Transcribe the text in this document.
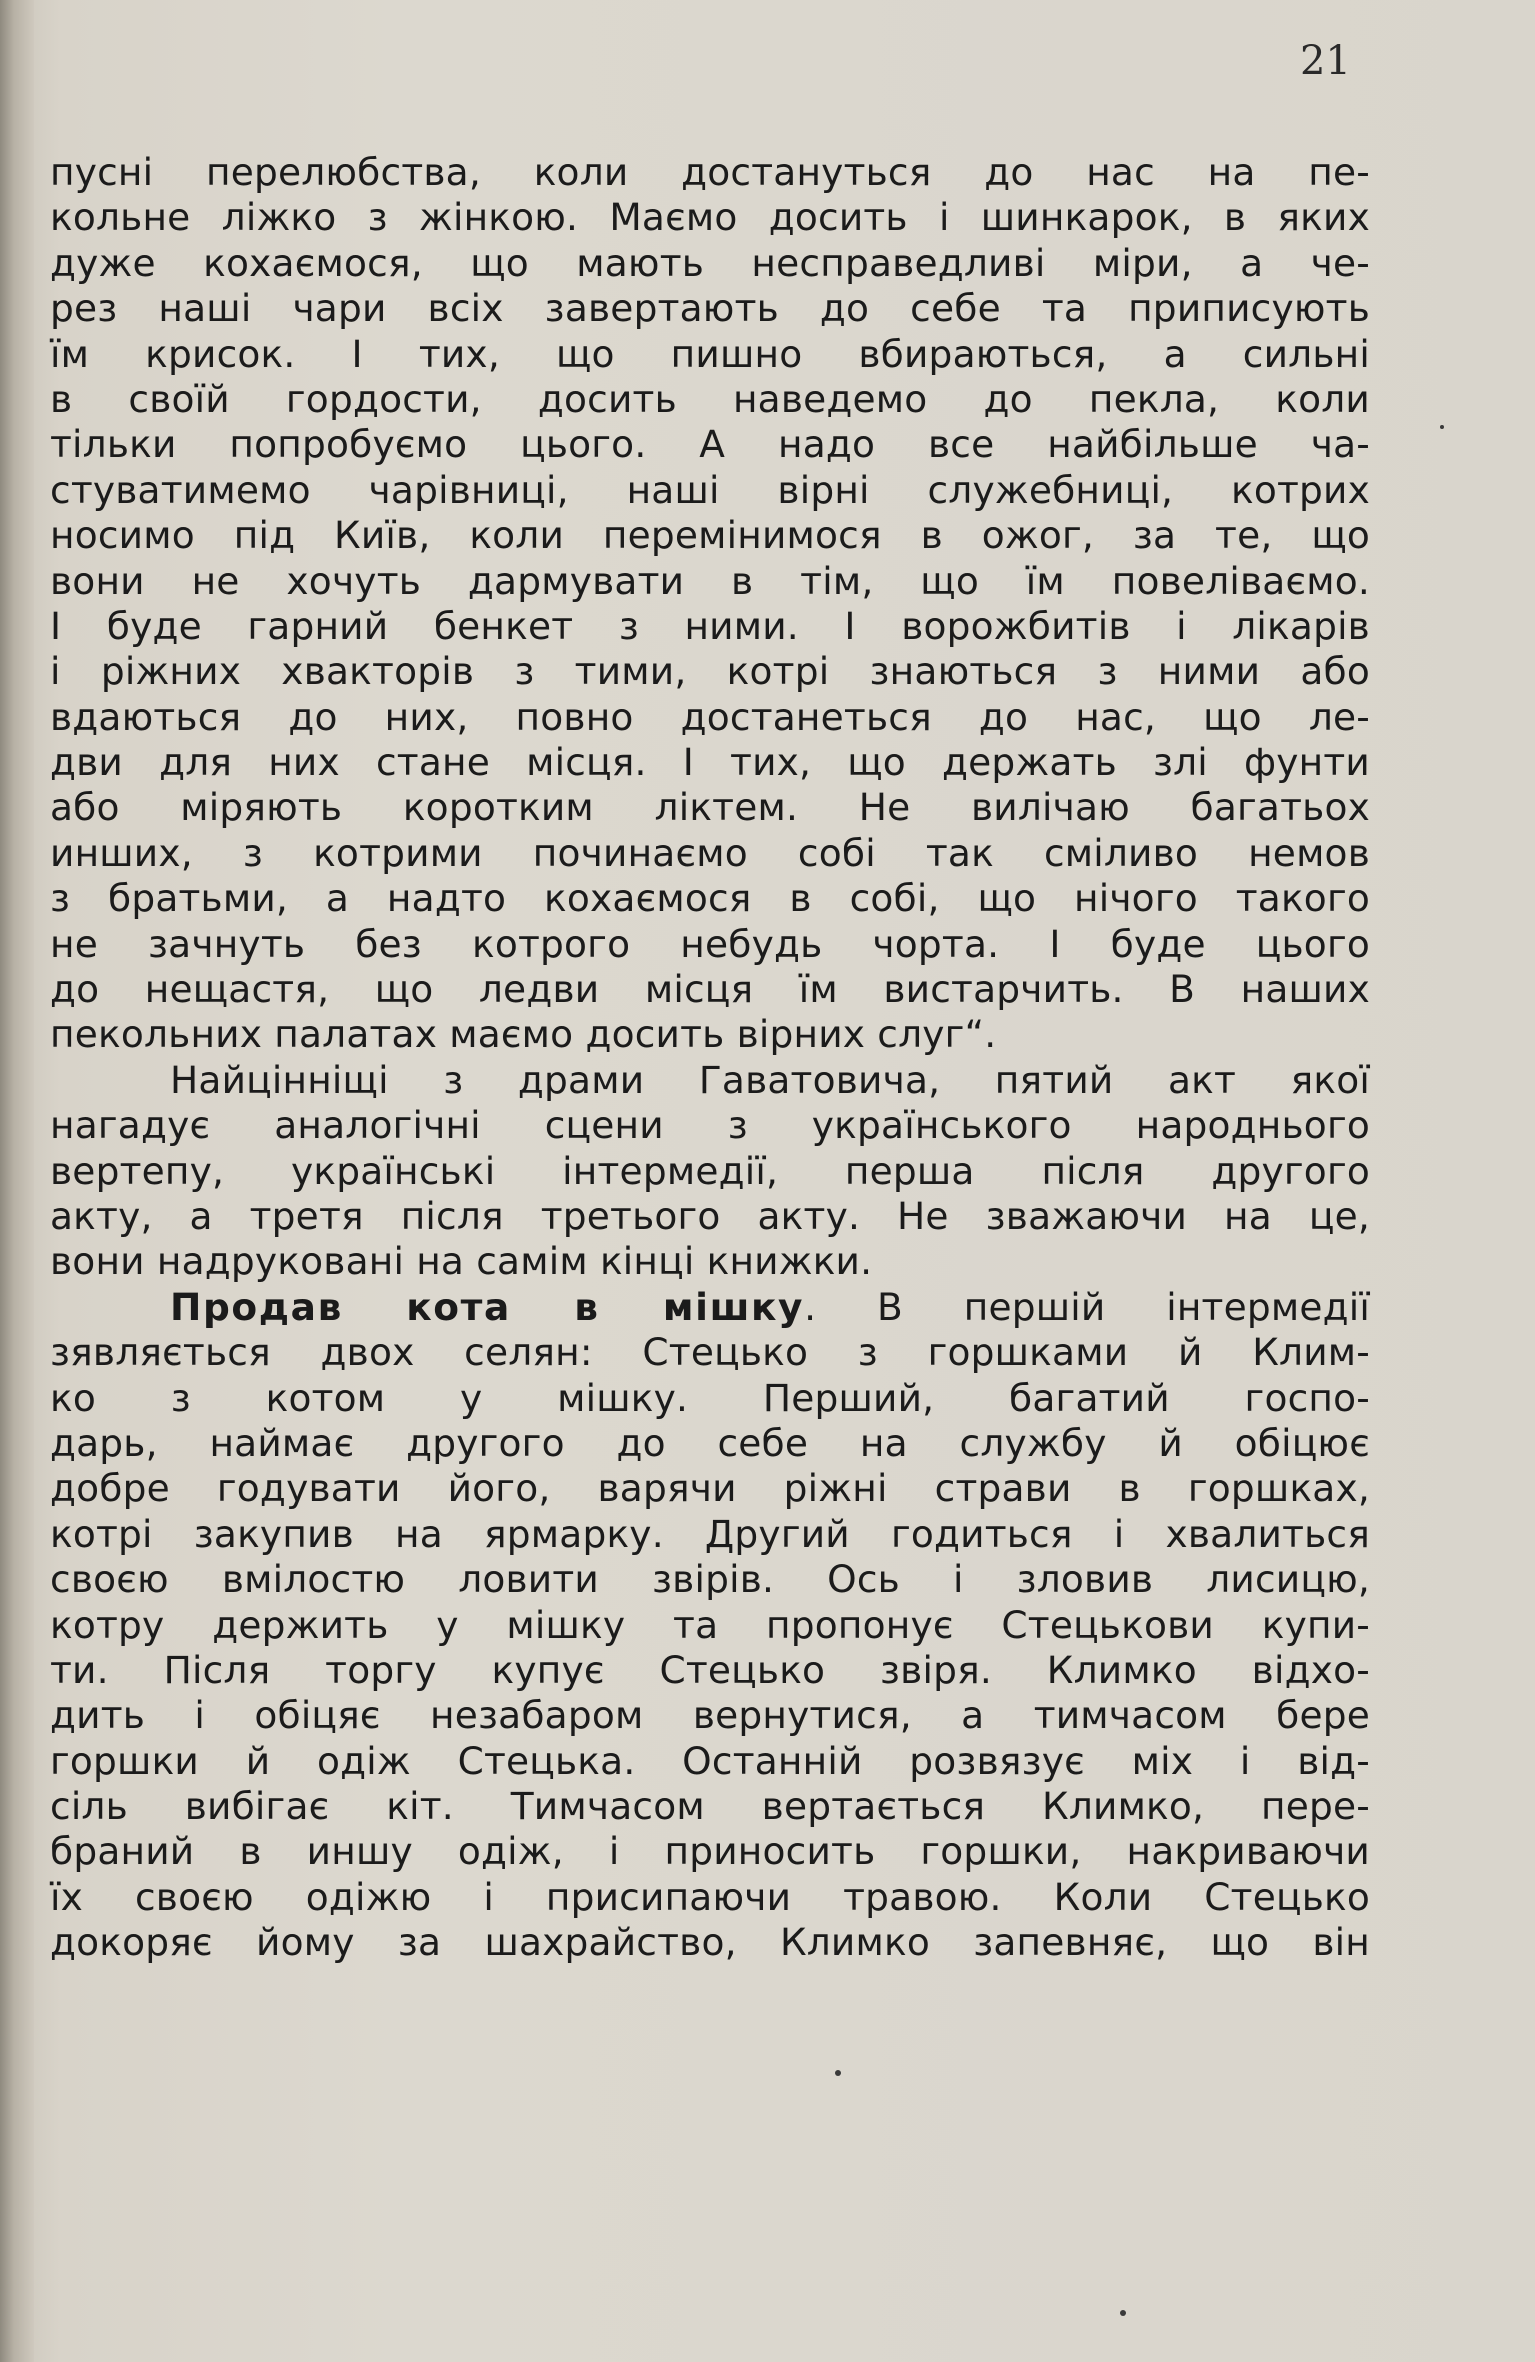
21
пусні перелюбства, коли достануться до нас на пе-
кольне ліжко з жінкою. Маємо досить і шинкарок, в яких
дуже кохаємося, що мають несправедливі міри, а че-
рез наші чари всіх завертають до себе та приписують
їм крисок. І тих, що пишно вбираються, а сильні
в своїй гордости, досить наведемо до пекла, коли
тільки попробуємо цього. А надо все найбільше ча-
стуватимемо чарівниці, наші вірні служебниці, котрих
носимо під Київ, коли перемінимося в ожог, за те, що
вони не хочуть дармувати в тім, що їм повеліваємо.
І буде гарний бенкет з ними. І ворожбитів і лікарів
і ріжних хвакторів з тими, котрі знаються з ними або
вдаються до них, повно достанеться до нас, що ле-
дви для них стане місця. І тих, що держать злі фунти
або міряють коротким ліктем. Не вилічаю багатьох
инших, з котрими починаємо собі так сміливо немов
з братьми, а надто кохаємося в собі, що нічого такого
не зачнуть без котрого небудь чорта. І буде цього
до нещастя, що ледви місця їм вистарчить. В наших
пекольних палатах маємо досить вірних слуг“.
Найцінніщі з драми Гаватовича, пятий акт якої
нагадує аналогічні сцени з українського народнього
вертепу, українські інтермедії, перша після другого
акту, а третя після третього акту. Не зважаючи на це,
вони надруковані на самім кінці книжки.
Продав кота в мішку. В першій інтермедії
зявляється двох селян: Стецько з горшками й Клим-
ко з котом у мішку. Перший, багатий госпо-
дарь, наймає другого до себе на службу й обіцює
добре годувати його, варячи ріжні страви в горшках,
котрі закупив на ярмарку. Другий годиться і хвалиться
своєю вмілостю ловити звірів. Ось і зловив лисицю,
котру держить у мішку та пропонує Стецькови купи-
ти. Після торгу купує Стецько звіря. Климко відхо-
дить і обіцяє незабаром вернутися, а тимчасом бере
горшки й одіж Стецька. Останній розвязує міх і від-
сіль вибігає кіт. Тимчасом вертається Климко, пере-
браний в иншу одіж, і приносить горшки, накриваючи
їх своєю одіжю і присипаючи травою. Коли Стецько
докоряє йому за шахрайство, Климко запевняє, що він
